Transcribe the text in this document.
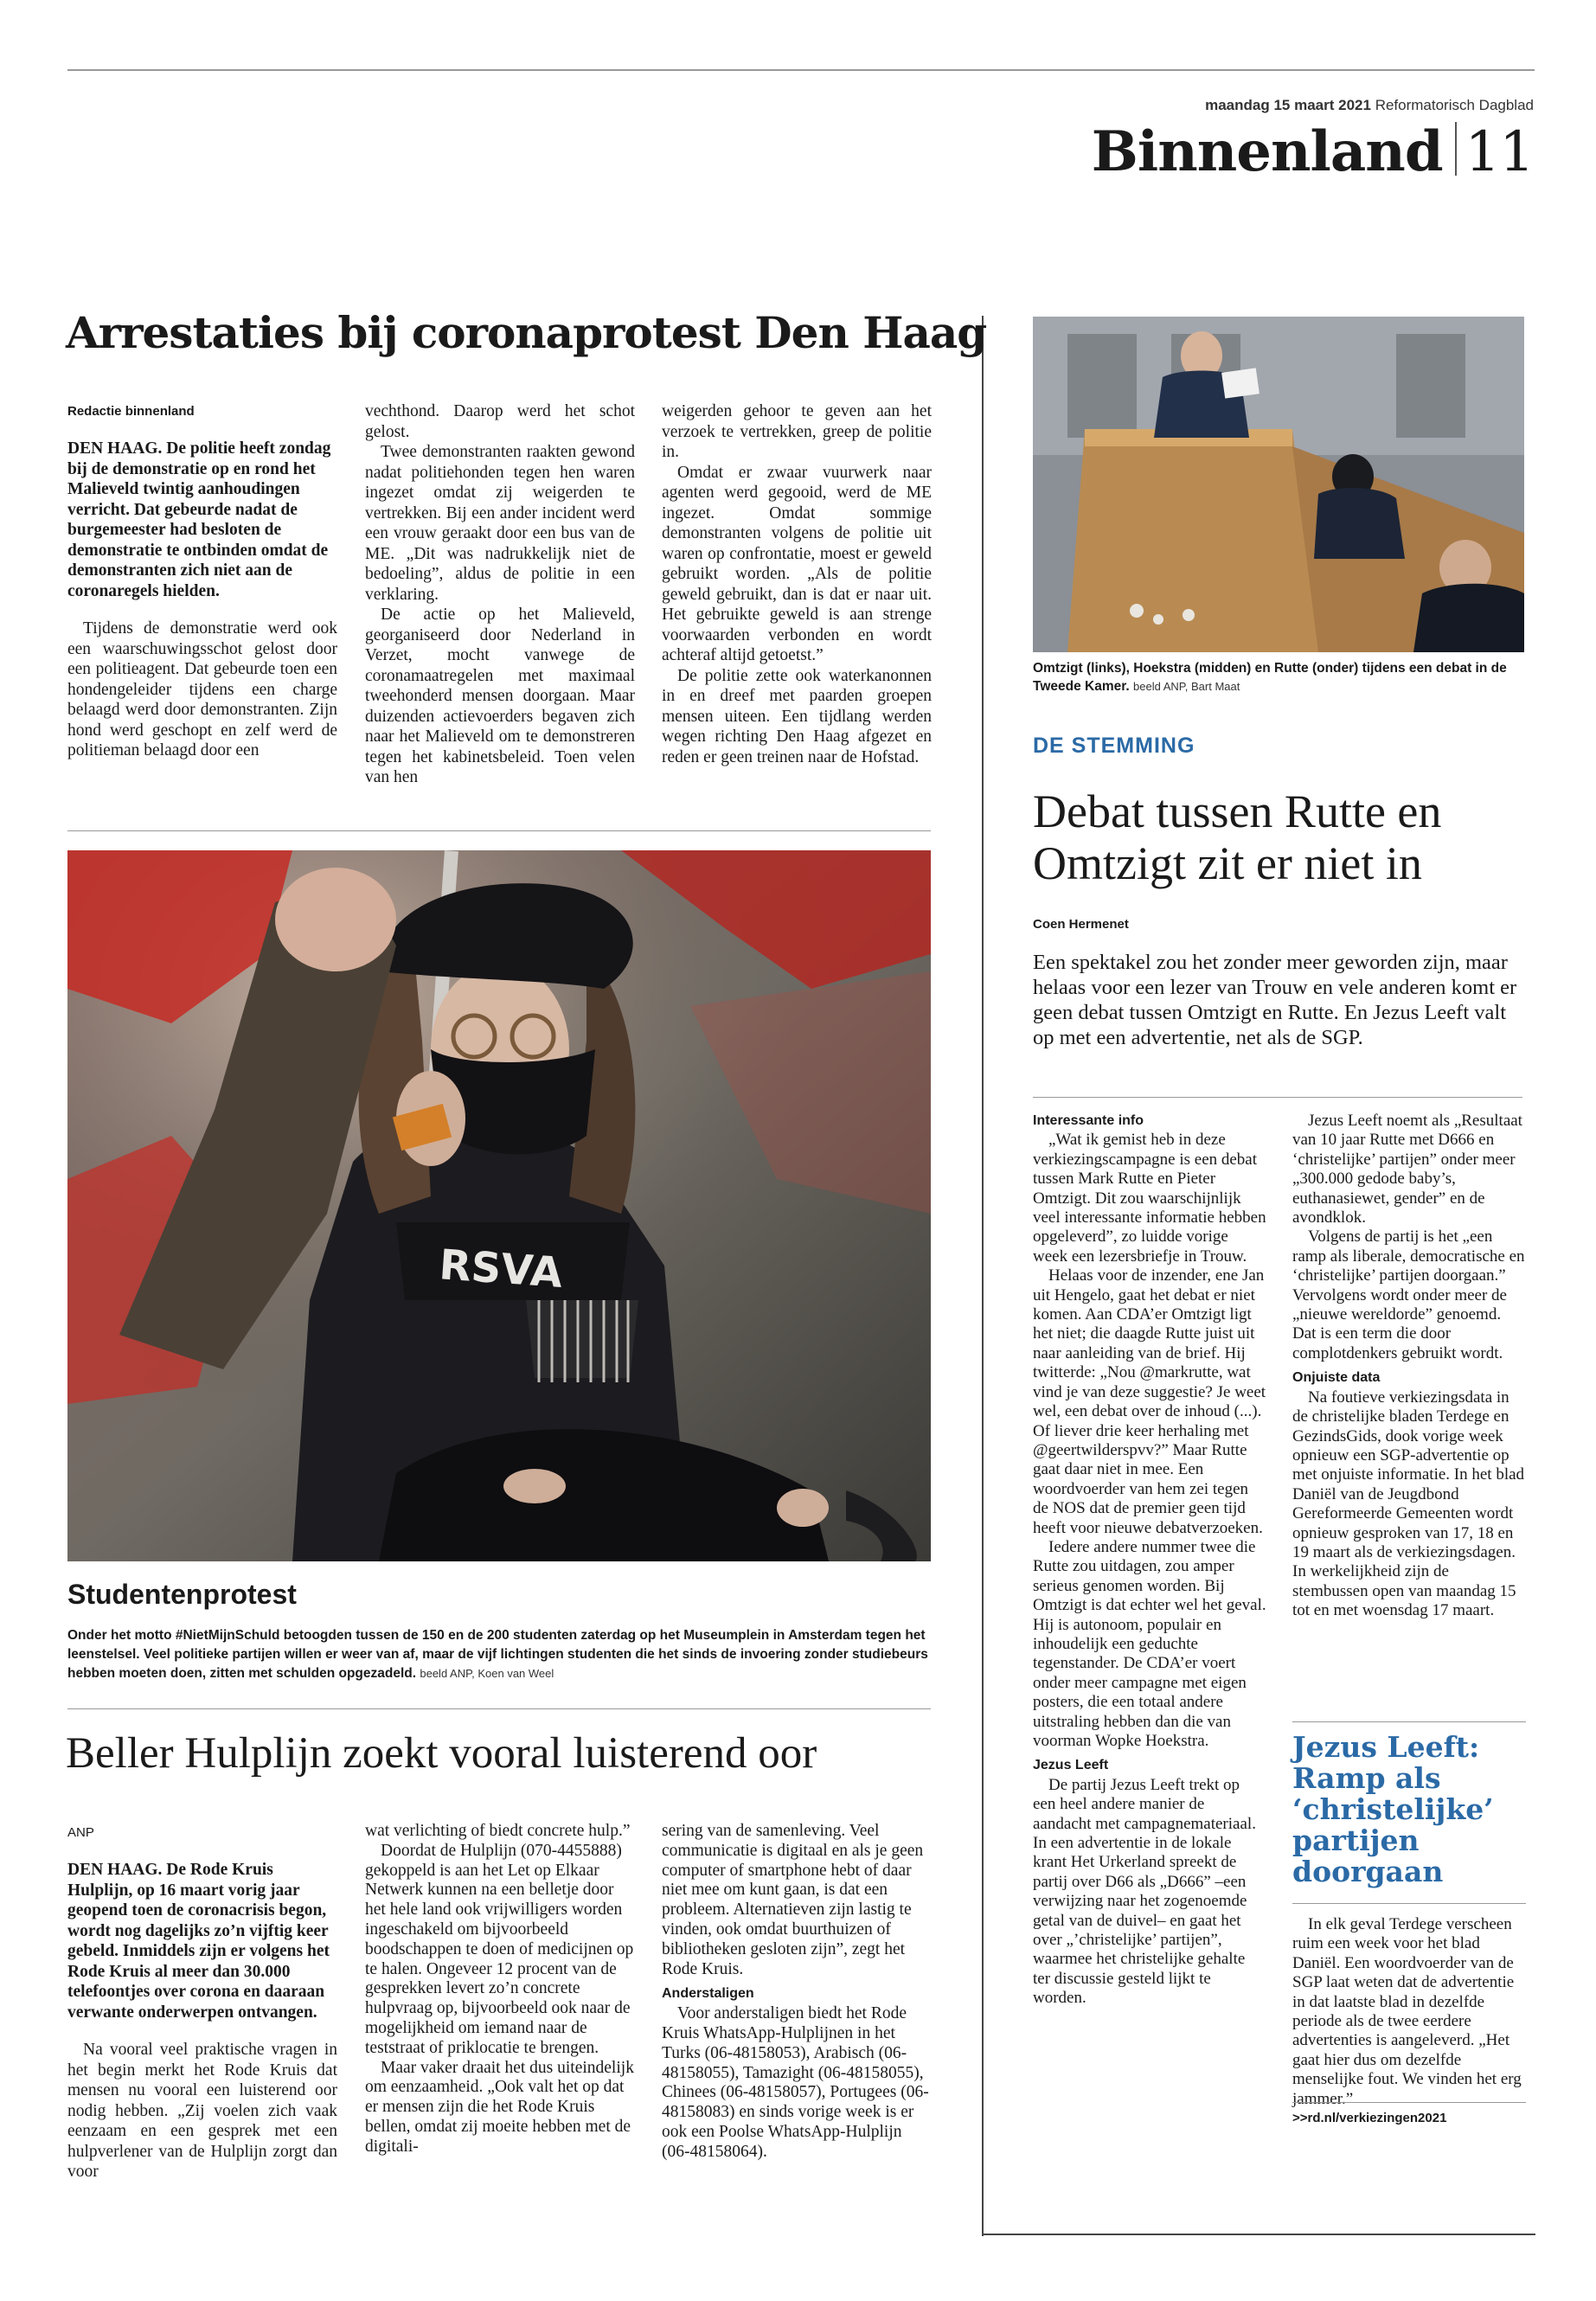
maandag 15 maart 2021 Reformatorisch Dagblad
Binnenland 11
Arrestaties bij coronaprotest Den Haag
Redactie binnenland

DEN HAAG. De politie heeft zondag bij de demonstratie op en rond het Malieveld twintig aanhoudingen verricht. Dat gebeurde nadat de burgemeester had besloten de demonstratie te ontbinden omdat de demonstranten zich niet aan de coronaregels hielden.

Tijdens de demonstratie werd ook een waarschuwingsschot gelost door een politieagent. Dat gebeurde toen een hondengeleider tijdens een charge belaagd werd door demonstranten. Zijn hond werd geschopt en zelf werd de politieman belaagd door een

vechthond. Daarop werd het schot gelost.

Twee demonstranten raakten gewond nadat politiehonden tegen hen waren ingezet omdat zij weigerden te vertrekken. Bij een ander incident werd een vrouw geraakt door een bus van de ME. „Dit was nadrukkelijk niet de bedoeling”, aldus de politie in een verklaring.

De actie op het Malieveld, georganiseerd door Nederland in Verzet, mocht vanwege de coronamaatregelen met maximaal tweehonderd mensen doorgaan. Maar duizenden actievoerders begaven zich naar het Malieveld om te demonstreren tegen het kabinetsbeleid. Toen velen van hen

weigerden gehoor te geven aan het verzoek te vertrekken, greep de politie in.

Omdat er zwaar vuurwerk naar agenten werd gegooid, werd de ME ingezet. Omdat sommige demonstranten volgens de politie uit waren op confrontatie, moest er geweld gebruikt worden. „Als de politie geweld gebruikt, dan is dat er naar uit. Het gebruikte geweld is aan strenge voorwaarden verbonden en wordt achteraf altijd getoetst.”

De politie zette ook waterkanonnen in en dreef met paarden groepen mensen uiteen. Een tijdlang werden wegen richting Den Haag afgezet en reden er geen treinen naar de Hofstad.

RSVA
Studentenprotest
Onder het motto #NietMijnSchuld betoogden tussen de 150 en de 200 studenten zaterdag op het Museumplein in Amsterdam tegen het leenstelsel. Veel politieke partijen willen er weer van af, maar de vijf lichtingen studenten die het sinds de invoering zonder studiebeurs hebben moeten doen, zitten met schulden opgezadeld. beeld ANP, Koen van Weel
Beller Hulplijn zoekt vooral luisterend oor
ANP

DEN HAAG. De Rode Kruis Hulplijn, op 16 maart vorig jaar geopend toen de coronacrisis begon, wordt nog dagelijks zo’n vijftig keer gebeld. Inmiddels zijn er volgens het Rode Kruis al meer dan 30.000 telefoontjes over corona en daaraan verwante onderwerpen ontvangen.

Na vooral veel praktische vragen in het begin merkt het Rode Kruis dat mensen nu vooral een luisterend oor nodig hebben. „Zij voelen zich vaak eenzaam en een gesprek met een hulpverlener van de Hulplijn zorgt dan voor

wat verlichting of biedt concrete hulp.”

Doordat de Hulplijn (070-4455888) gekoppeld is aan het Let op Elkaar Netwerk kunnen na een belletje door het hele land ook vrijwilligers worden ingeschakeld om bijvoorbeeld boodschappen te doen of medicijnen op te halen. Ongeveer 12 procent van de gesprekken levert zo’n concrete hulpvraag op, bijvoorbeeld ook naar de mogelijkheid om iemand naar de teststraat of priklocatie te brengen.

Maar vaker draait het dus uiteindelijk om eenzaamheid. „Ook valt het op dat er mensen zijn die het Rode Kruis bellen, omdat zij moeite hebben met de digitali-

sering van de samenleving. Veel communicatie is digitaal en als je geen computer of smartphone hebt of daar niet mee om kunt gaan, is dat een probleem. Alternatieven zijn lastig te vinden, ook omdat buurthuizen of bibliotheken gesloten zijn”, zegt het Rode Kruis.

Anderstaligen

Voor anderstaligen biedt het Rode Kruis WhatsApp-Hulplijnen in het Turks (06-48158053), Arabisch (06-48158055), Tamazight (06-48158055), Chinees (06-48158057), Portugees (06-48158083) en sinds vorige week is er ook een Poolse WhatsApp-Hulplijn (06-48158064).

Omtzigt (links), Hoekstra (midden) en Rutte (onder) tijdens een debat in de Tweede Kamer. beeld ANP, Bart Maat
DE STEMMING
Debat tussen Rutte en Omtzigt zit er niet in
Coen Hermenet
Een spektakel zou het zonder meer geworden zijn, maar helaas voor een lezer van Trouw en vele anderen komt er geen debat tussen Omtzigt en Rutte. En Jezus Leeft valt op met een advertentie, net als de SGP.
Interessante info

„Wat ik gemist heb in deze verkiezingscampagne is een debat tussen Mark Rutte en Pieter Omtzigt. Dit zou waarschijnlijk veel interessante informatie hebben opgeleverd”, zo luidde vorige week een lezersbriefje in Trouw.

Helaas voor de inzender, ene Jan uit Hengelo, gaat het debat er niet komen. Aan CDA’er Omtzigt ligt het niet; die daagde Rutte juist uit naar aanleiding van de brief. Hij twitterde: „Nou @markrutte, wat vind je van deze suggestie? Je weet wel, een debat over de inhoud (...). Of liever drie keer herhaling met @geertwilderspvv?” Maar Rutte gaat daar niet in mee. Een woordvoerder van hem zei tegen de NOS dat de premier geen tijd heeft voor nieuwe debatverzoeken.

Iedere andere nummer twee die Rutte zou uitdagen, zou amper serieus genomen worden. Bij Omtzigt is dat echter wel het geval. Hij is autonoom, populair en inhoudelijk een geduchte tegenstander. De CDA’er voert onder meer campagne met eigen posters, die een totaal andere uitstraling hebben dan die van voorman Wopke Hoekstra.

Jezus Leeft

De partij Jezus Leeft trekt op een heel andere manier de aandacht met campagnemateriaal. In een advertentie in de lokale krant Het Urkerland spreekt de partij over D66 als „D666” –een verwijzing naar het zogenoemde getal van de duivel– en gaat het over „’christelijke’ partijen”, waarmee het christelijke gehalte ter discussie gesteld lijkt te worden.

Jezus Leeft noemt als „Resultaat van 10 jaar Rutte met D666 en ‘christelijke’ partijen” onder meer „300.000 gedode baby’s, euthanasiewet, gender” en de avondklok.

Volgens de partij is het „een ramp als liberale, democratische en ‘christelijke’ partijen doorgaan.” Vervolgens wordt onder meer de „nieuwe wereldorde” genoemd. Dat is een term die door complotdenkers gebruikt wordt.

Onjuiste data

Na foutieve verkiezingsdata in de christelijke bladen Terdege en GezindsGids, dook vorige week opnieuw een SGP-advertentie op met onjuiste informatie. In het blad Daniël van de Jeugdbond Gereformeerde Gemeenten wordt opnieuw gesproken van 17, 18 en 19 maart als de verkiezingsdagen. In werkelijkheid zijn de stembussen open van maandag 15 tot en met woensdag 17 maart.

Jezus Leeft: Ramp als ‘christelijke’ partijen doorgaan

In elk geval Terdege verscheen ruim een week voor het blad Daniël. Een woordvoerder van de SGP laat weten dat de advertentie in dat laatste blad in dezelfde periode als de twee eerdere advertenties is aangeleverd. „Het gaat hier dus om dezelfde menselijke fout. We vinden het erg jammer.”

>>rd.nl/verkiezingen2021
